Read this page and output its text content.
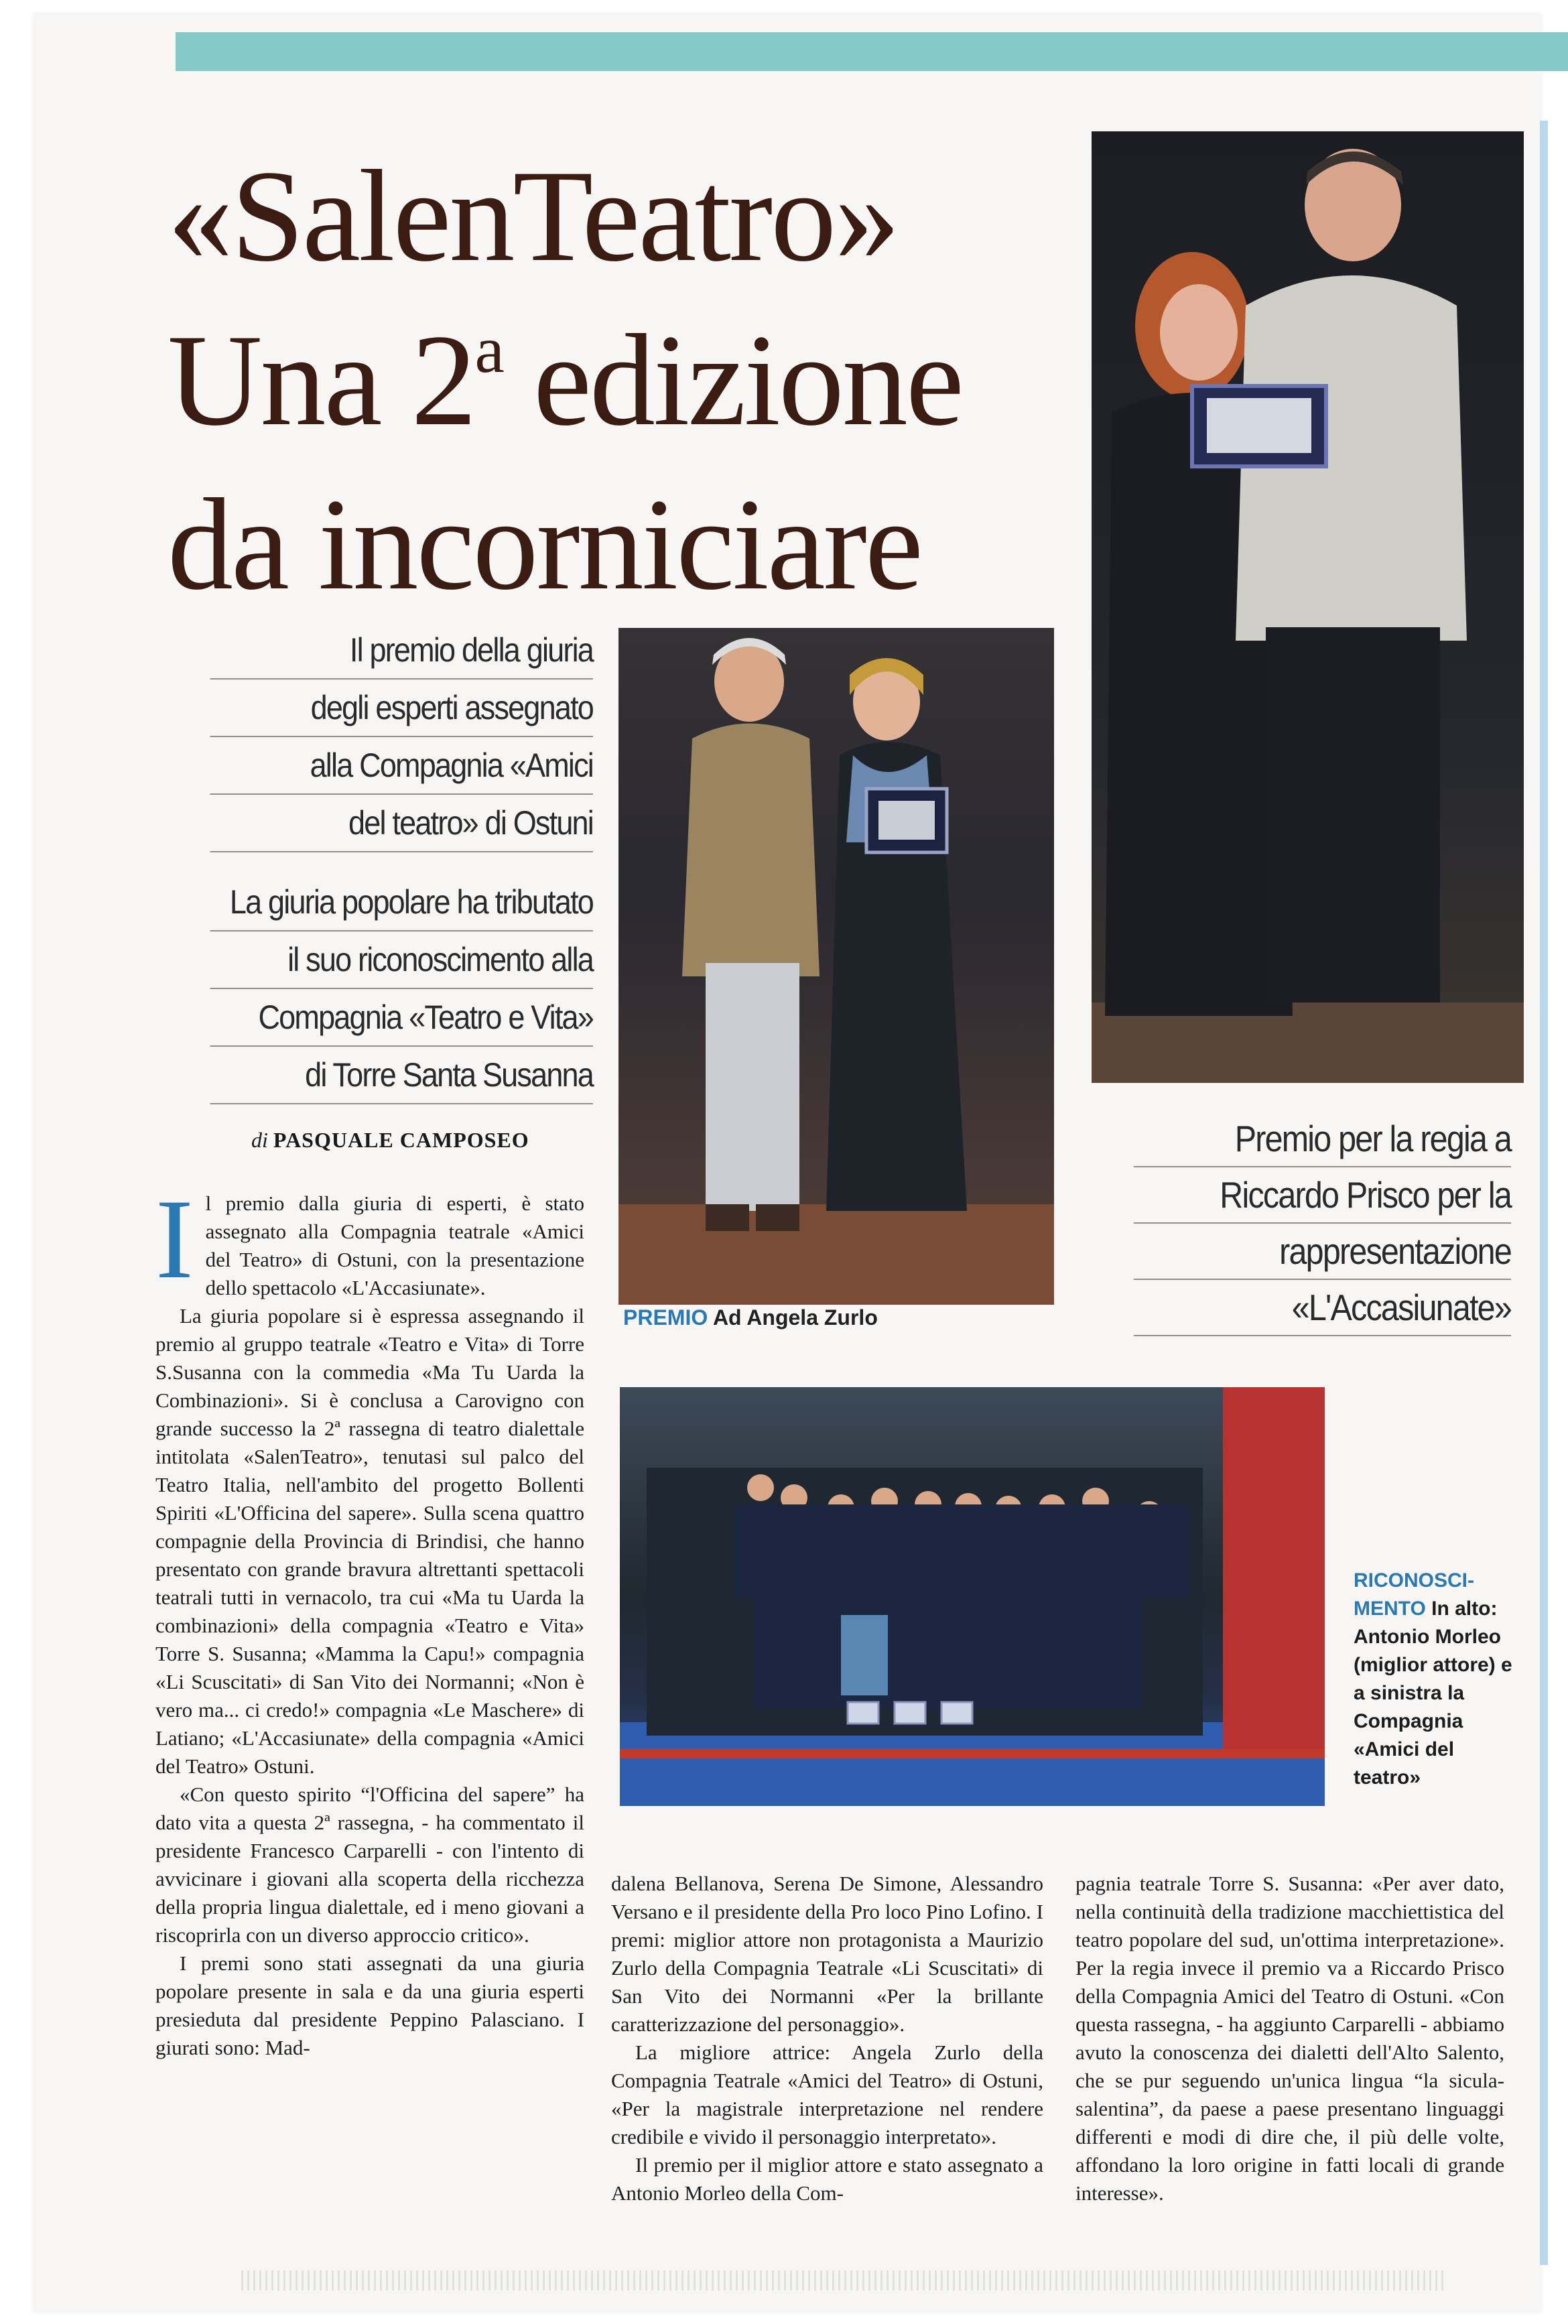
«SalenTeatro»
Una 2$^a$ edizione
da incorniciare
Il premio della giuria
degli esperti assegnato
alla Compagnia «Amici
del teatro» di Ostuni
La giuria popolare ha tributato
il suo riconoscimento alla
Compagnia «Teatro e Vita»
di Torre Santa Susanna
di PASQUALE CAMPOSEO
PREMIO Ad Angela Zurlo
Premio per la regia a
Riccardo Prisco per la
rappresentazione
«L'Accasiunate»
RICONOSCI-MENTO In alto: Antonio Morleo (miglior attore) e a sinistra la Compagnia «Amici del teatro»
I l premio dalla giuria di esperti, è stato assegnato alla Compagnia teatrale «Amici del Teatro» di Ostuni, con la presentazione dello spettacolo «L'Accasiunate».

La giuria popolare si è espressa assegnando il premio al gruppo teatrale «Teatro e Vita» di Torre S.Susanna con la commedia «Ma Tu Uarda la Combinazioni». Si è conclusa a Carovigno con grande successo la 2ª rassegna di teatro dialettale intitolata «SalenTeatro», tenutasi sul palco del Teatro Italia, nell'ambito del progetto Bollenti Spiriti «L'Officina del sapere». Sulla scena quattro compagnie della Provincia di Brindisi, che hanno presentato con grande bravura altrettanti spettacoli teatrali tutti in vernacolo, tra cui «Ma tu Uarda la combinazioni» della compagnia «Teatro e Vita» Torre S. Susanna; «Mamma la Capu!» compagnia «Li Scuscitati» di San Vito dei Normanni; «Non è vero ma... ci credo!» compagnia «Le Maschere» di Latiano; «L'Accasiunate» della compagnia «Amici del Teatro» Ostuni.

«Con questo spirito “l'Officina del sapere” ha dato vita a questa 2ª rassegna, - ha commentato il presidente Francesco Carparelli - con l'intento di avvicinare i giovani alla scoperta della ricchezza della propria lingua dialettale, ed i meno giovani a riscoprirla con un diverso approccio critico».

I premi sono stati assegnati da una giuria popolare presente in sala e da una giuria esperti presieduta dal presidente Peppino Palasciano. I giurati sono: Mad-

dalena Bellanova, Serena De Simone, Alessandro Versano e il presidente della Pro loco Pino Lofino. I premi: miglior attore non protagonista a Maurizio Zurlo della Compagnia Teatrale «Li Scuscitati» di San Vito dei Normanni «Per la brillante caratterizzazione del personaggio».

La migliore attrice: Angela Zurlo della Compagnia Teatrale «Amici del Teatro» di Ostuni, «Per la magistrale interpretazione nel rendere credibile e vivido il personaggio interpretato».

Il premio per il miglior attore e stato assegnato a Antonio Morleo della Com-

pagnia teatrale Torre S. Susanna: «Per aver dato, nella continuità della tradizione macchiettistica del teatro popolare del sud, un'ottima interpretazione». Per la regia invece il premio va a Riccardo Prisco della Compagnia Amici del Teatro di Ostuni. «Con questa rassegna, - ha aggiunto Carparelli - abbiamo avuto la conoscenza dei dialetti dell'Alto Salento, che se pur seguendo un'unica lingua “la sicula-salentina”, da paese a paese presentano linguaggi differenti e modi di dire che, il più delle volte, affondano la loro origine in fatti locali di grande interesse».
